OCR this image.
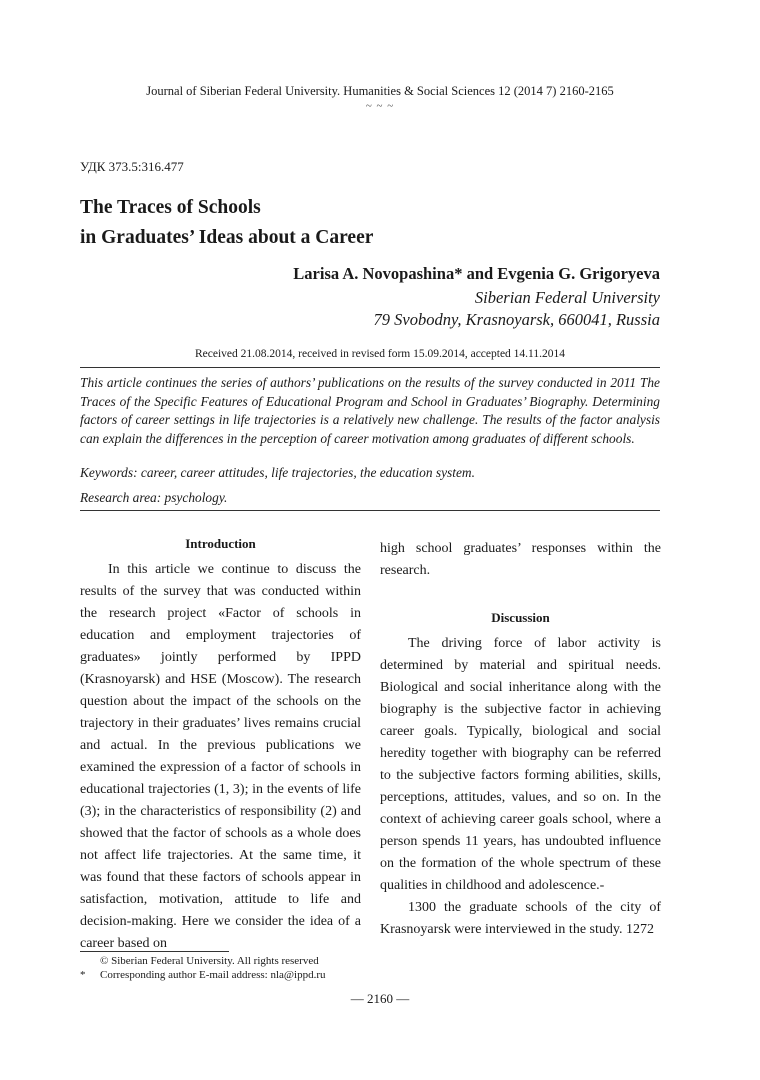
Journal of Siberian Federal University. Humanities & Social Sciences 12 (2014 7) 2160-2165
~ ~ ~
УДК 373.5:316.477
The Traces of Schools
in Graduates’ Ideas about a Career
Larisa A. Novopashina* and Evgenia G. Grigoryeva
Siberian Federal University
79 Svobodny, Krasnoyarsk, 660041, Russia
Received 21.08.2014, received in revised form 15.09.2014, accepted 14.11.2014
This article continues the series of authors’ publications on the results of the survey conducted in 2011 The Traces of the Specific Features of Educational Program and School in Graduates’ Biography. Determining factors of career settings in life trajectories is a relatively new challenge. The results of the factor analysis can explain the differences in the perception of career motivation among graduates of different schools.
Keywords: career, career attitudes, life trajectories, the education system.
Research area: psychology.
Introduction

In this article we continue to discuss the results of the survey that was conducted within the research project «Factor of schools in education and employment trajectories of graduates» jointly performed by IPPD (Krasnoyarsk) and HSE (Moscow). The research question about the impact of the schools on the trajectory in their graduates’ lives remains crucial and actual. In the previous publications we examined the expression of a factor of schools in educational trajectories (1, 3); in the events of life (3); in the characteristics of responsibility (2) and showed that the factor of schools as a whole does not affect life trajectories. At the same time, it was found that these factors of schools appear in satisfaction, motivation, attitude to life and decision-making. Here we consider the idea of a career based on

high school graduates’ responses within the research.

Discussion

The driving force of labor activity is determined by material and spiritual needs. Biological and social inheritance along with the biography is the subjective factor in achieving career goals. Typically, biological and social heredity together with biography can be referred to the subjective factors forming abilities, skills, perceptions, attitudes, values, and so on. In the context of achieving career goals school, where a person spends 11 years, has undoubted influence on the formation of the whole spectrum of these qualities in childhood and adolescence.-

1300 the graduate schools of the city of Krasnoyarsk were interviewed in the study. 1272

© Siberian Federal University. All rights reserved
*	Corresponding author E-mail address: nla@ippd.ru
— 2160 —
